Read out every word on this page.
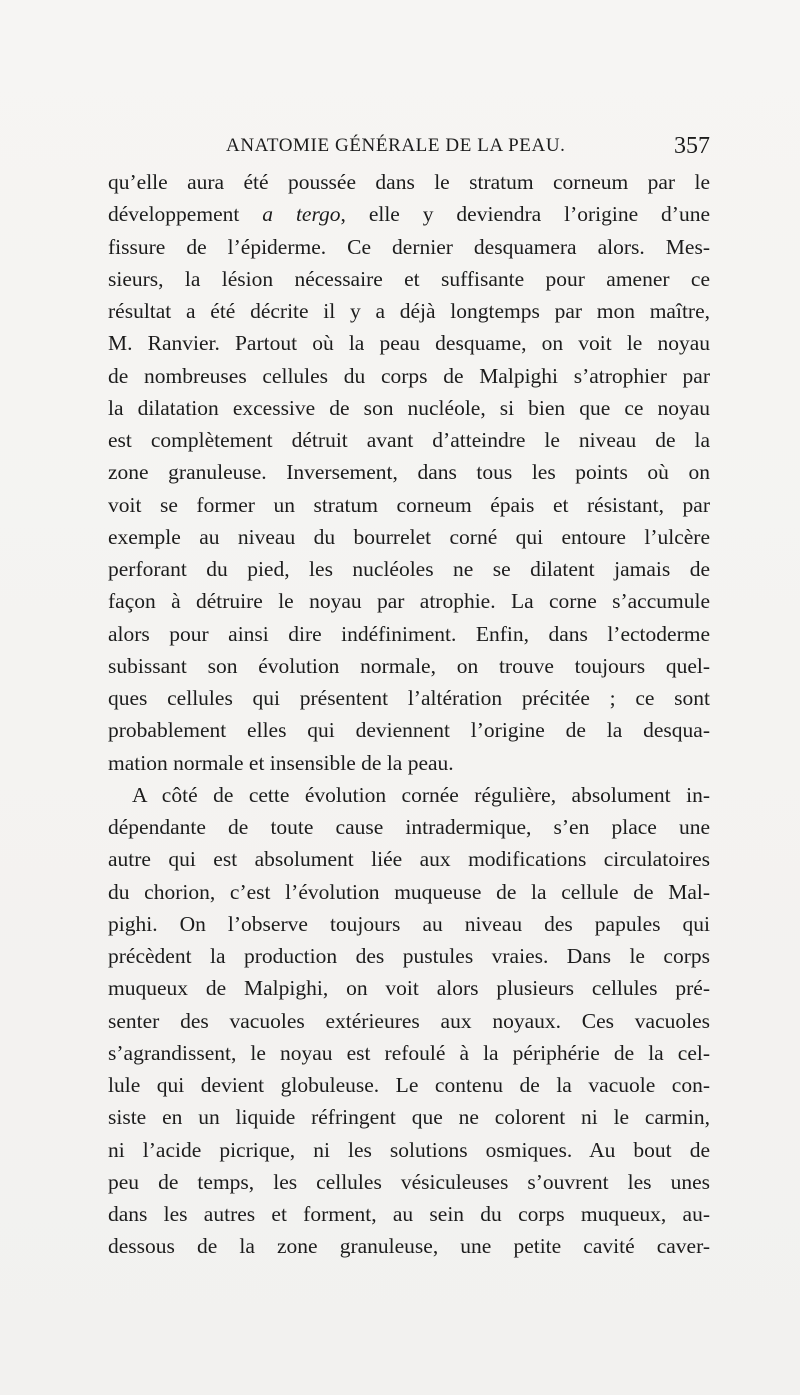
ANATOMIE GÉNÉRALE DE LA PEAU.	357
qu’elle aura été poussée dans le stratum corneum par le
développement a tergo, elle y deviendra l’origine d’une
fissure de l’épiderme. Ce dernier desquamera alors. Mes-
sieurs, la lésion nécessaire et suffisante pour amener ce
résultat a été décrite il y a déjà longtemps par mon maître,
M. Ranvier. Partout où la peau desquame, on voit le noyau
de nombreuses cellules du corps de Malpighi s’atrophier par
la dilatation excessive de son nucléole, si bien que ce noyau
est complètement détruit avant d’atteindre le niveau de la
zone granuleuse. Inversement, dans tous les points où on
voit se former un stratum corneum épais et résistant, par
exemple au niveau du bourrelet corné qui entoure l’ulcère
perforant du pied, les nucléoles ne se dilatent jamais de
façon à détruire le noyau par atrophie. La corne s’accumule
alors pour ainsi dire indéfiniment. Enfin, dans l’ectoderme
subissant son évolution normale, on trouve toujours quel-
ques cellules qui présentent l’altération précitée ; ce sont
probablement elles qui deviennent l’origine de la desqua-
mation normale et insensible de la peau.
A côté de cette évolution cornée régulière, absolument in-
dépendante de toute cause intradermique, s’en place une
autre qui est absolument liée aux modifications circulatoires
du chorion, c’est l’évolution muqueuse de la cellule de Mal-
pighi. On l’observe toujours au niveau des papules qui
précèdent la production des pustules vraies. Dans le corps
muqueux de Malpighi, on voit alors plusieurs cellules pré-
senter des vacuoles extérieures aux noyaux. Ces vacuoles
s’agrandissent, le noyau est refoulé à la périphérie de la cel-
lule qui devient globuleuse. Le contenu de la vacuole con-
siste en un liquide réfringent que ne colorent ni le carmin,
ni l’acide picrique, ni les solutions osmiques. Au bout de
peu de temps, les cellules vésiculeuses s’ouvrent les unes
dans les autres et forment, au sein du corps muqueux, au-
dessous de la zone granuleuse, une petite cavité caver-
